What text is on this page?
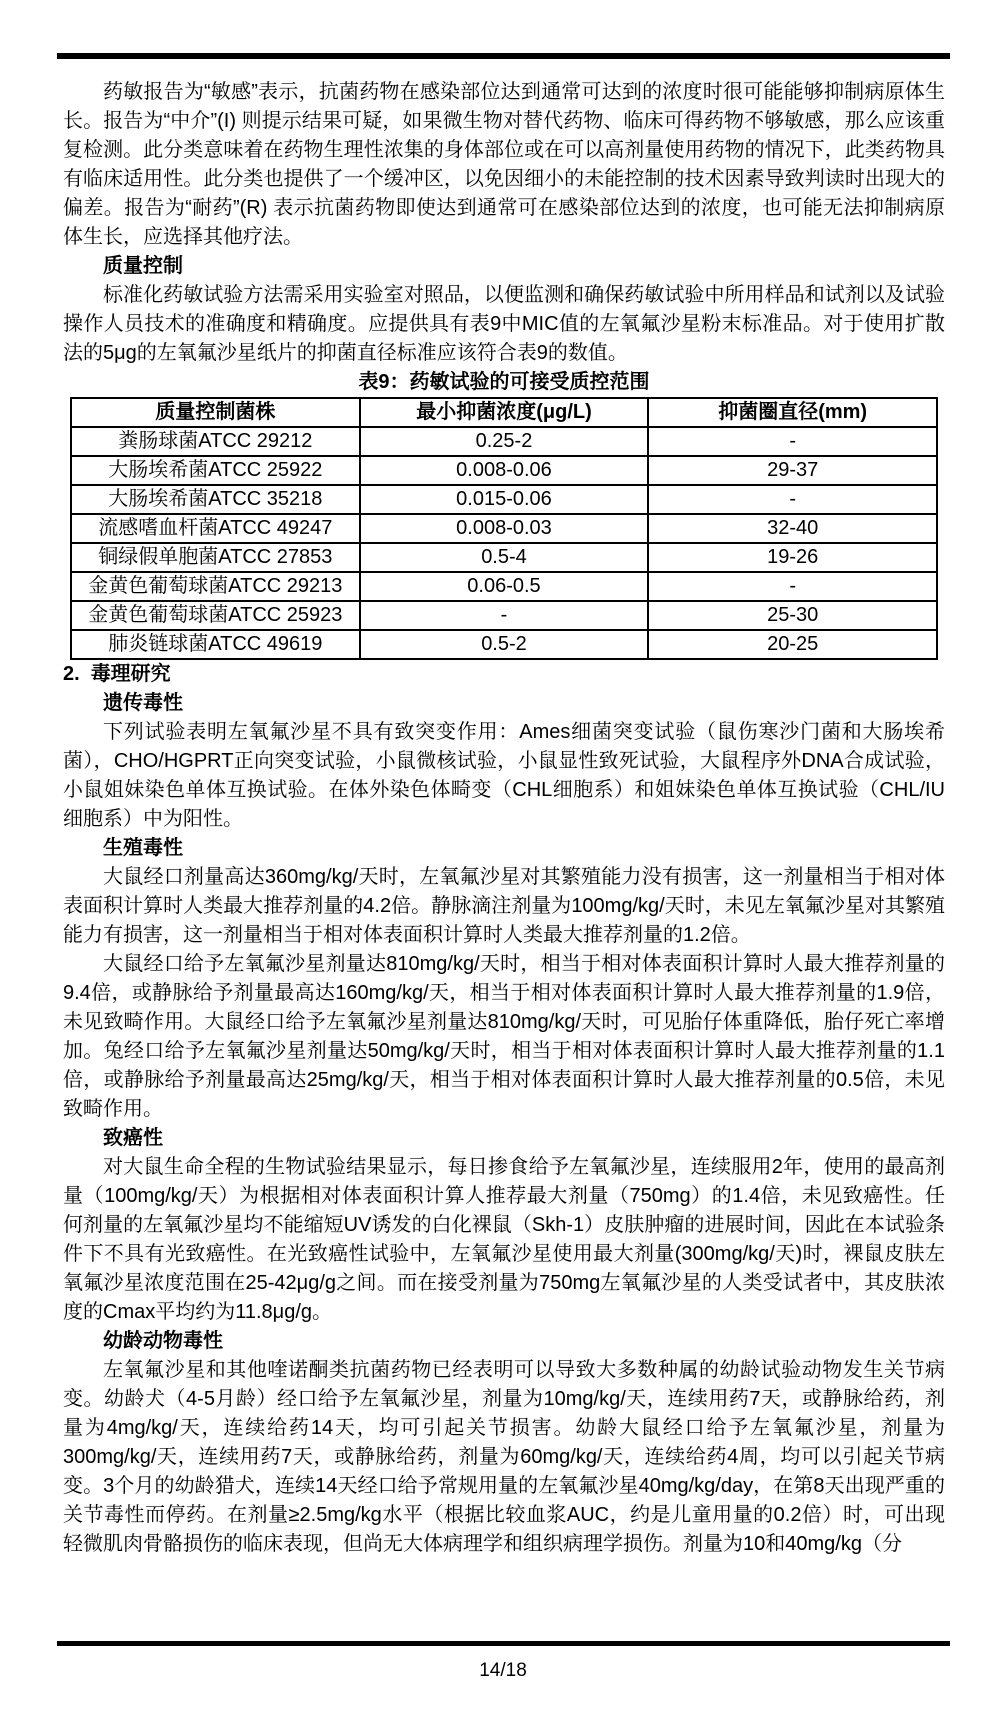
药敏报告为“敏感”表示，抗菌药物在感染部位达到通常可达到的浓度时很可能能够抑制病原体生长。报告为“中介”(I) 则提示结果可疑，如果微生物对替代药物、临床可得药物不够敏感，那么应该重复检测。此分类意味着在药物生理性浓集的身体部位或在可以高剂量使用药物的情况下，此类药物具有临床适用性。此分类也提供了一个缓冲区，以免因细小的未能控制的技术因素导致判读时出现大的偏差。报告为“耐药”(R) 表示抗菌药物即使达到通常可在感染部位达到的浓度，也可能无法抑制病原体生长，应选择其他疗法。

质量控制

标准化药敏试验方法需采用实验室对照品，以便监测和确保药敏试验中所用样品和试剂以及试验操作人员技术的准确度和精确度。应提供具有表9中MIC值的左氧氟沙星粉末标准品。对于使用扩散法的5μg的左氧氟沙星纸片的抑菌直径标准应该符合表9的数值。

表9：药敏试验的可接受质控范围
质量控制菌株	最小抑菌浓度(μg/L)	抑菌圈直径(mm)
粪肠球菌ATCC 29212	0.25-2	-
大肠埃希菌ATCC 25922	0.008-0.06	29-37
大肠埃希菌ATCC 35218	0.015-0.06	-
流感嗜血杆菌ATCC 49247	0.008-0.03	32-40
铜绿假单胞菌ATCC 27853	0.5-4	19-26
金黄色葡萄球菌ATCC 29213	0.06-0.5	-
金黄色葡萄球菌ATCC 25923	-	25-30
肺炎链球菌ATCC 49619	0.5-2	20-25
2. 毒理研究
遗传毒性

下列试验表明左氧氟沙星不具有致突变作用：Ames细菌突变试验（鼠伤寒沙门菌和大肠埃希菌），CHO/HGPRT正向突变试验，小鼠微核试验，小鼠显性致死试验，大鼠程序外DNA合成试验，小鼠姐妹染色单体互换试验。在体外染色体畸变（CHL细胞系）和姐妹染色单体互换试验（CHL/IU细胞系）中为阳性。

生殖毒性

大鼠经口剂量高达360mg/kg/天时，左氧氟沙星对其繁殖能力没有损害，这一剂量相当于相对体表面积计算时人类最大推荐剂量的4.2倍。静脉滴注剂量为100mg/kg/天时，未见左氧氟沙星对其繁殖能力有损害，这一剂量相当于相对体表面积计算时人类最大推荐剂量的1.2倍。

大鼠经口给予左氧氟沙星剂量达810mg/kg/天时，相当于相对体表面积计算时人最大推荐剂量的9.4倍，或静脉给予剂量最高达160mg/kg/天，相当于相对体表面积计算时人最大推荐剂量的1.9倍，未见致畸作用。大鼠经口给予左氧氟沙星剂量达810mg/kg/天时，可见胎仔体重降低，胎仔死亡率增加。兔经口给予左氧氟沙星剂量达50mg/kg/天时，相当于相对体表面积计算时人最大推荐剂量的1.1倍，或静脉给予剂量最高达25mg/kg/天，相当于相对体表面积计算时人最大推荐剂量的0.5倍，未见致畸作用。

致癌性

对大鼠生命全程的生物试验结果显示，每日掺食给予左氧氟沙星，连续服用2年，使用的最高剂量（100mg/kg/天）为根据相对体表面积计算人推荐最大剂量（750mg）的1.4倍，未见致癌性。任何剂量的左氧氟沙星均不能缩短UV诱发的白化裸鼠（Skh-1）皮肤肿瘤的进展时间，因此在本试验条件下不具有光致癌性。在光致癌性试验中，左氧氟沙星使用最大剂量(300mg/kg/天)时，裸鼠皮肤左氧氟沙星浓度范围在25-42μg/g之间。而在接受剂量为750mg左氧氟沙星的人类受试者中，其皮肤浓度的Cmax平均约为11.8μg/g。

幼龄动物毒性

左氧氟沙星和其他喹诺酮类抗菌药物已经表明可以导致大多数种属的幼龄试验动物发生关节病变。幼龄犬（4-5月龄）经口给予左氧氟沙星，剂量为10mg/kg/天，连续用药7天，或静脉给药，剂量为4mg/kg/天，连续给药14天，均可引起关节损害。幼龄大鼠经口给予左氧氟沙星，剂量为300mg/kg/天，连续用药7天，或静脉给药，剂量为60mg/kg/天，连续给药4周，均可以引起关节病变。3个月的幼龄猎犬，连续14天经口给予常规用量的左氧氟沙星40mg/kg/day，在第8天出现严重的关节毒性而停药。在剂量≥2.5mg/kg水平（根据比较血浆AUC，约是儿童用量的0.2倍）时，可出现轻微肌肉骨骼损伤的临床表现，但尚无大体病理学和组织病理学损伤。剂量为10和40mg/kg（分

14/18
